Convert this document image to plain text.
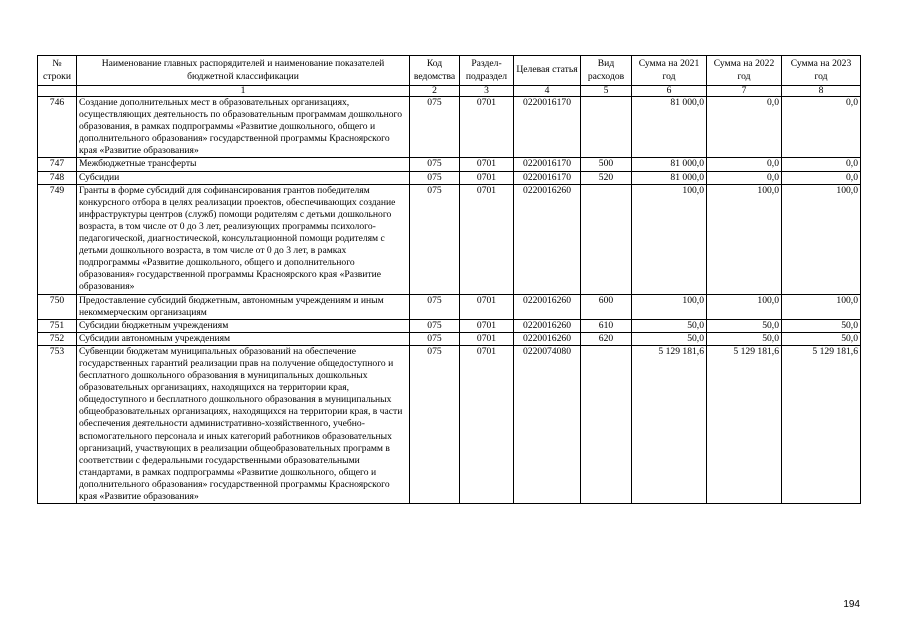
№ строки	Наименование главных распорядителей и наименование показателей бюджетной классификации	Код ведомства	Раздел-подраздел	Целевая статья	Вид расходов	Сумма на 2021 год	Сумма на 2022 год	Сумма на 2023 год
	1	2	3	4	5	6	7	8
746	Создание дополнительных мест в образовательных организациях, осуществляющих деятельность по образовательным программам дошкольного образования, в рамках подпрограммы «Развитие дошкольного, общего и дополнительного образования» государственной программы Красноярского края «Развитие образования»	075	0701	0220016170		81 000,0	0,0	0,0
747	Межбюджетные трансферты	075	0701	0220016170	500	81 000,0	0,0	0,0
748	Субсидии	075	0701	0220016170	520	81 000,0	0,0	0,0
749	Гранты в форме субсидий для софинансирования грантов победителям конкурсного отбора в целях реализации проектов, обеспечивающих создание инфраструктуры центров (служб) помощи родителям с детьми дошкольного возраста, в том числе от 0 до 3 лет, реализующих программы психолого-педагогической, диагностической, консультационной помощи родителям с детьми дошкольного возраста, в том числе от 0 до 3 лет, в рамках подпрограммы «Развитие дошкольного, общего и дополнительного образования» государственной программы Красноярского края «Развитие образования»	075	0701	0220016260		100,0	100,0	100,0
750	Предоставление субсидий бюджетным, автономным учреждениям и иным некоммерческим организациям	075	0701	0220016260	600	100,0	100,0	100,0
751	Субсидии бюджетным учреждениям	075	0701	0220016260	610	50,0	50,0	50,0
752	Субсидии автономным учреждениям	075	0701	0220016260	620	50,0	50,0	50,0
753	Субвенции бюджетам муниципальных образований на обеспечение государственных гарантий реализации прав на получение общедоступного и бесплатного дошкольного образования в муниципальных дошкольных образовательных организациях, находящихся на территории края, общедоступного и бесплатного дошкольного образования в муниципальных общеобразовательных организациях, находящихся на территории края, в части обеспечения деятельности административно-хозяйственного, учебно-вспомогательного персонала и иных категорий работников образовательных организаций, участвующих в реализации общеобразовательных программ в соответствии с федеральными государственными образовательными стандартами, в рамках подпрограммы «Развитие дошкольного, общего и дополнительного образования» государственной программы Красноярского края «Развитие образования»	075	0701	0220074080		5 129 181,6	5 129 181,6	5 129 181,6
194
